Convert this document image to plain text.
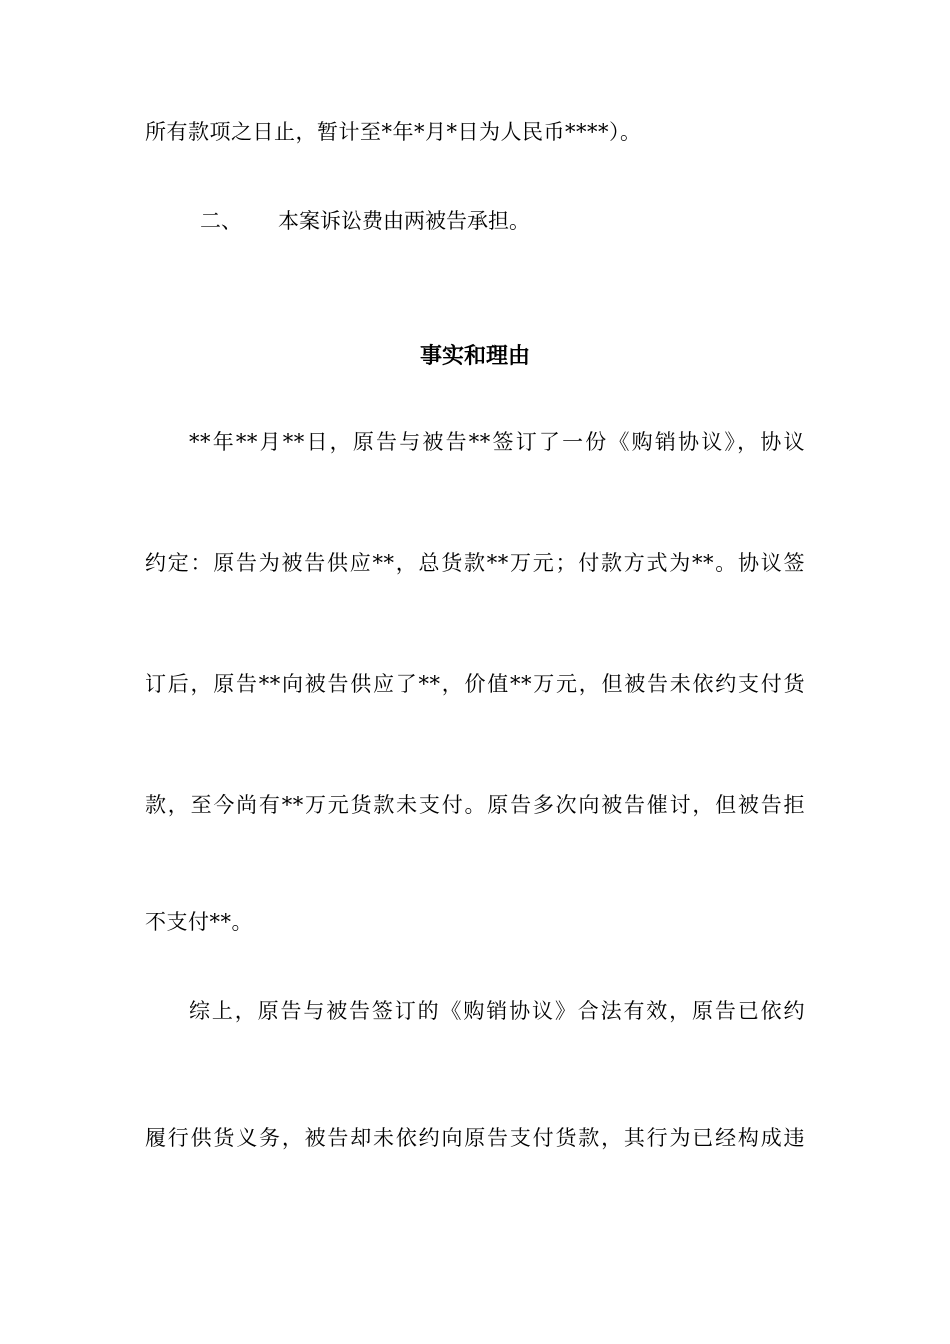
所有款项之日止，暂计至*年*月*日为人民币****）。
二、 本案诉讼费由两被告承担。
事实和理由
**年**月**日，原告与被告**签订了一份《购销协议》，协议
约定：原告为被告供应**，总货款**万元；付款方式为**。协议签
订后，原告**向被告供应了**，价值**万元，但被告未依约支付货
款，至今尚有**万元货款未支付。原告多次向被告催讨，但被告拒
不支付**。
综上，原告与被告签订的《购销协议》合法有效，原告已依约
履行供货义务，被告却未依约向原告支付货款，其行为已经构成违
